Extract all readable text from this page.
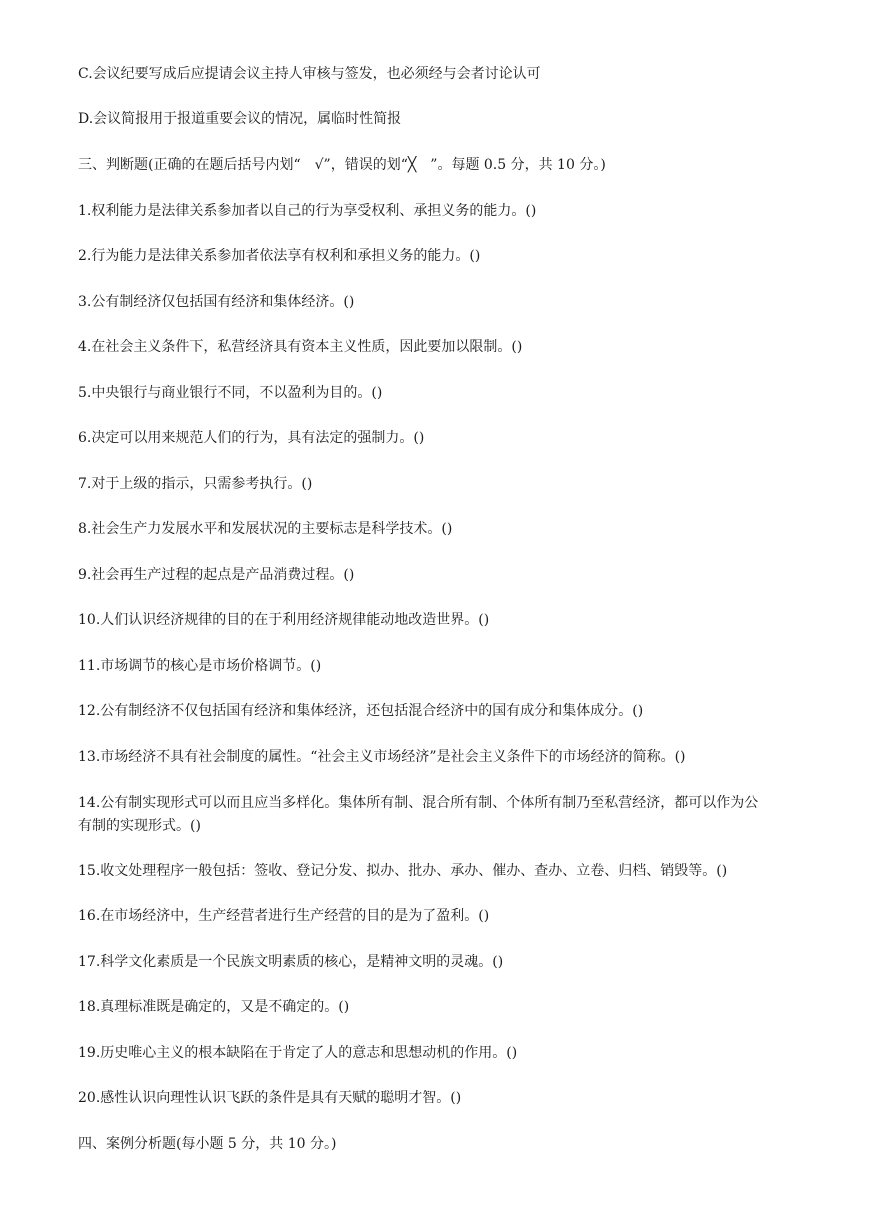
C.会议纪要写成后应提请会议主持人审核与签发，也必须经与会者讨论认可
D.会议简报用于报道重要会议的情况，属临时性简报
三、判断题(正确的在题后括号内划“　√”，错误的划“╳　”。每题 0.5 分，共 10 分。)
1.权利能力是法律关系参加者以自己的行为享受权利、承担义务的能力。()
2.行为能力是法律关系参加者依法享有权利和承担义务的能力。()
3.公有制经济仅包括国有经济和集体经济。()
4.在社会主义条件下，私营经济具有资本主义性质，因此要加以限制。()
5.中央银行与商业银行不同，不以盈利为目的。()
6.决定可以用来规范人们的行为，具有法定的强制力。()
7.对于上级的指示，只需参考执行。()
8.社会生产力发展水平和发展状况的主要标志是科学技术。()
9.社会再生产过程的起点是产品消费过程。()
10.人们认识经济规律的目的在于利用经济规律能动地改造世界。()
11.市场调节的核心是市场价格调节。()
12.公有制经济不仅包括国有经济和集体经济，还包括混合经济中的国有成分和集体成分。()
13.市场经济不具有社会制度的属性。“社会主义市场经济”是社会主义条件下的市场经济的简称。()
14.公有制实现形式可以而且应当多样化。集体所有制、混合所有制、个体所有制乃至私营经济，都可以作为公
有制的实现形式。()
15.收文处理程序一般包括：签收、登记分发、拟办、批办、承办、催办、查办、立卷、归档、销毁等。()
16.在市场经济中，生产经营者进行生产经营的目的是为了盈利。()
17.科学文化素质是一个民族文明素质的核心，是精神文明的灵魂。()
18.真理标准既是确定的，又是不确定的。()
19.历史唯心主义的根本缺陷在于肯定了人的意志和思想动机的作用。()
20.感性认识向理性认识飞跃的条件是具有天赋的聪明才智。()
四、案例分析题(每小题 5 分，共 10 分。)
